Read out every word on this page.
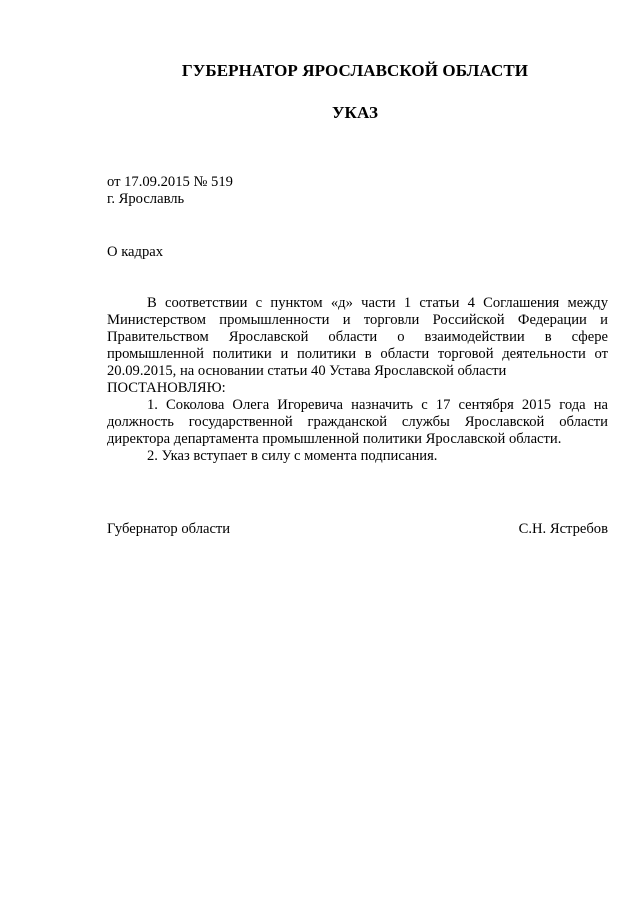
ГУБЕРНАТОР ЯРОСЛАВСКОЙ ОБЛАСТИ
УКАЗ
от 17.09.2015 № 519
г. Ярославль
О кадрах

В соответствии с пунктом «д» части 1 статьи 4 Соглашения между Министерством промышленности и торговли Российской Федерации и Правительством Ярославской области о взаимодействии в сфере промышленной политики и политики в области торговой деятельности от 20.09.2015, на основании статьи 40 Устава Ярославской области

ПОСТАНОВЛЯЮ:

1. Соколова Олега Игоревича назначить с 17 сентября 2015 года на должность государственной гражданской службы Ярославской области директора департамента промышленной политики Ярославской области.

2. Указ вступает в силу с момента подписания.

Губернатор области	С.Н. Ястребов
